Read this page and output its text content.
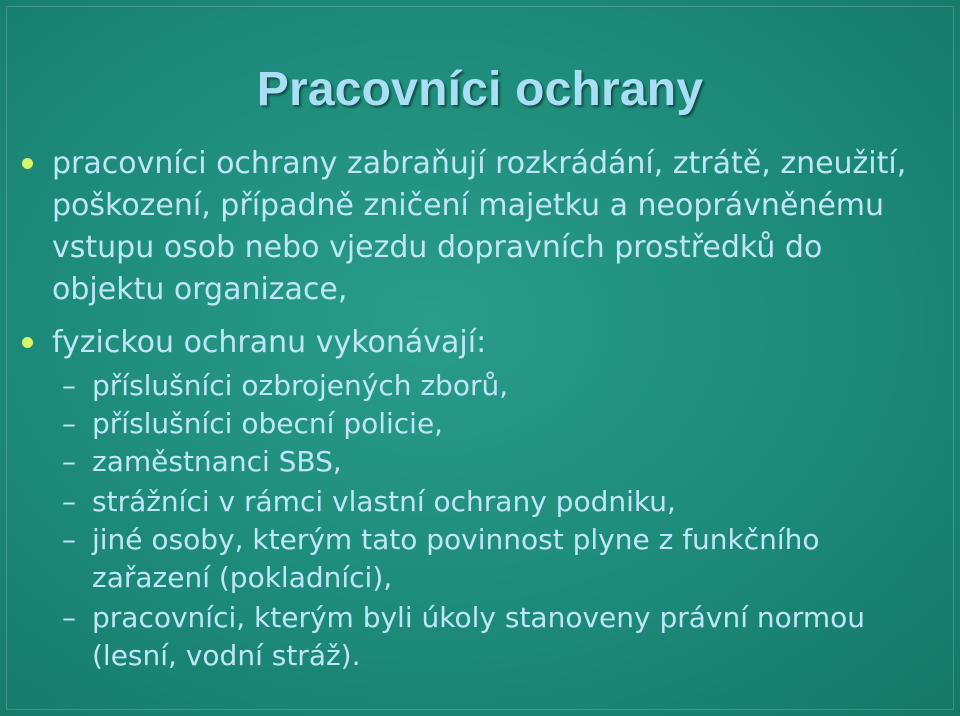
Pracovníci ochrany
pracovníci ochrany zabraňují rozkrádání, ztrátě, zneužití, poškození, případně zničení majetku a neoprávněnému vstupu osob nebo vjezdu dopravních prostředků do objektu organizace,
fyzickou ochranu vykonávají:
– příslušníci ozbrojených zborů,
– příslušníci obecní policie,
– zaměstnanci SBS,
– strážníci v rámci vlastní ochrany podniku,
– jiné osoby, kterým tato povinnost plyne z funkčního zařazení (pokladníci),
– pracovníci, kterým byli úkoly stanoveny právní normou (lesní, vodní stráž).
